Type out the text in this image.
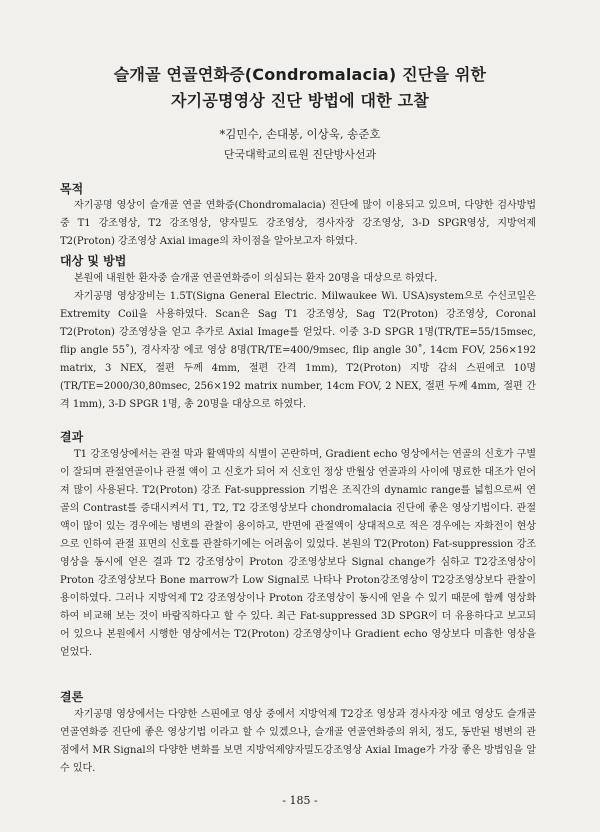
슬개골 연골연화증(Condromalacia) 진단을 위한
자기공명영상 진단 방법에 대한 고찰
*김민수, 손대봉, 이상욱, 송준호
단국대학교의료원 진단방사선과
목적
자기공명 영상이 슬개골 연골 연화증(Chondromalacia) 진단에 많이 이용되고 있으며, 다양한 검사방법 중 T1 강조영상, T2 강조영상, 양자밀도 강조영상, 경사자장 강조영상, 3-D SPGR영상, 지방억제 T2(Proton) 강조영상 Axial image의 차이점을 알아보고자 하였다.
대상 및 방법
본원에 내원한 환자중 슬개골 연골연화증이 의심되는 환자 20명을 대상으로 하였다.
자기공명 영상장비는 1.5T(Signa General Electric. Milwaukee Wi. USA)system으로 수신코일은 Extremity Coil을 사용하였다. Scan은 Sag T1 강조영상, Sag T2(Proton) 강조영상, Coronal T2(Proton) 강조영상을 얻고 추가로 Axial Image를 얻었다. 이중 3-D SPGR 1명(TR/TE=55/15msec, flip angle 55˚), 경사자장 에코 영상 8명(TR/TE=400/9msec, flip angle 30˚, 14cm FOV, 256×192 matrix, 3 NEX, 절편 두께 4mm, 절편 간격 1mm), T2(Proton) 지방 감쇠 스핀에코 10명(TR/TE=2000/30,80msec, 256×192 matrix number, 14cm FOV, 2 NEX, 절편 두께 4mm, 절편 간격 1mm), 3-D SPGR 1명, 총 20명을 대상으로 하였다.
결과
T1 강조영상에서는 관절 막과 활액막의 식별이 곤란하며, Gradient echo 영상에서는 연골의 신호가 구별이 잘되며 관절연골이나 관절 액이 고 신호가 되어 저 신호인 정상 반월상 연골과의 사이에 명료한 대조가 얻어져 많이 사용된다. T2(Proton) 강조 Fat-suppression 기법은 조직간의 dynamic range를 넓힘으로써 연골의 Contrast를 증대시켜서 T1, T2, T2 강조영상보다 chondromalacia 진단에 좋은 영상기법이다. 관절 액이 많이 있는 경우에는 병변의 관찰이 용이하고, 반면에 관절액이 상대적으로 적은 경우에는 자화전이 현상으로 인하여 관절 표면의 신호를 관찰하기에는 어려움이 있었다. 본원의 T2(Proton) Fat-suppression 강조영상을 동시에 얻은 결과 T2 강조영상이 Proton 강조영상보다 Signal change가 심하고 T2강조영상이 Proton 강조영상보다 Bone marrow가 Low Signal로 나타나 Proton강조영상이 T2강조영상보다 관찰이 용이하였다. 그러나 지방억제 T2 강조영상이나 Proton 강조영상이 동시에 얻을 수 있기 때문에 함께 영상화하여 비교해 보는 것이 바람직하다고 할 수 있다. 최근 Fat-suppressed 3D SPGR이 더 유용하다고 보고되어 있으나 본원에서 시행한 영상에서는 T2(Proton) 강조영상이나 Gradient echo 영상보다 미흡한 영상을 얻었다.
결론
자기공명 영상에서는 다양한 스핀에코 영상 중에서 지방억제 T2강조 영상과 경사자장 에코 영상도 슬개골 연골연화증 진단에 좋은 영상기법 이라고 할 수 있겠으나, 슬개골 연골연화증의 위치, 정도, 동반된 병변의 관점에서 MR Signal의 다양한 변화를 보면 지방억제양자밀도강조영상 Axial Image가 가장 좋은 방법임을 알 수 있다.
- 185 -
